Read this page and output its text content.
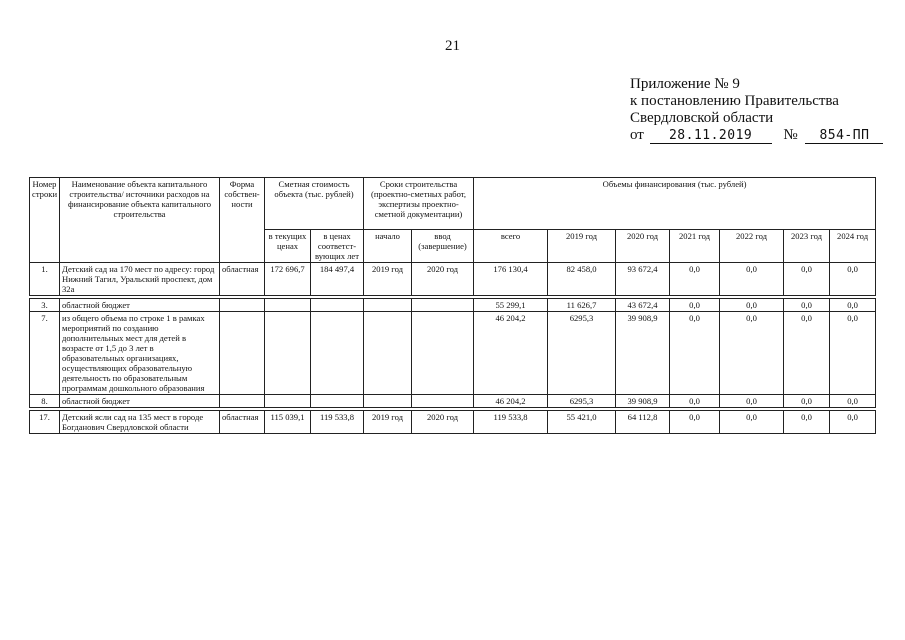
21
Приложение № 9
к постановлению Правительства
Свердловской области
от 28.11.2019 № 854-ПП
Номер строки	Наименование объекта капитального строительства/ источники расходов на финансирование объекта капитального строительства	Форма собствен-ности	Сметная стоимость объекта (тыс. рублей)		Сроки строительства (проектно-сметных работ, экспертизы проектно-сметной документации)		Объемы финансирования (тыс. рублей)						
			в текущих ценах	в ценах соответст-вующих лет	начало	ввод (завершение)	всего	2019 год	2020 год	2021 год	2022 год	2023 год	2024 год
1.	Детский сад на 170 мест по адресу: город Нижний Тагил, Уральский проспект, дом 32а	областная	172 696,7	184 497,4	2019 год	2020 год	176 130,4	82 458,0	93 672,4	0,0	0,0	0,0	0,0

3.	областной бюджет						55 299,1	11 626,7	43 672,4	0,0	0,0	0,0	0,0
7.	из общего объема по строке 1 в рамках мероприятий по созданию дополнительных мест для детей в возрасте от 1,5 до 3 лет в образовательных организациях, осуществляющих образовательную деятельность по образовательным программам дошкольного образования						46 204,2	6295,3	39 908,9	0,0	0,0	0,0	0,0
8.	областной бюджет						46 204,2	6295,3	39 908,9	0,0	0,0	0,0	0,0

17.	Детский ясли сад на 135 мест в городе Богданович Свердловской области	областная	115 039,1	119 533,8	2019 год	2020 год	119 533,8	55 421,0	64 112,8	0,0	0,0	0,0	0,0
